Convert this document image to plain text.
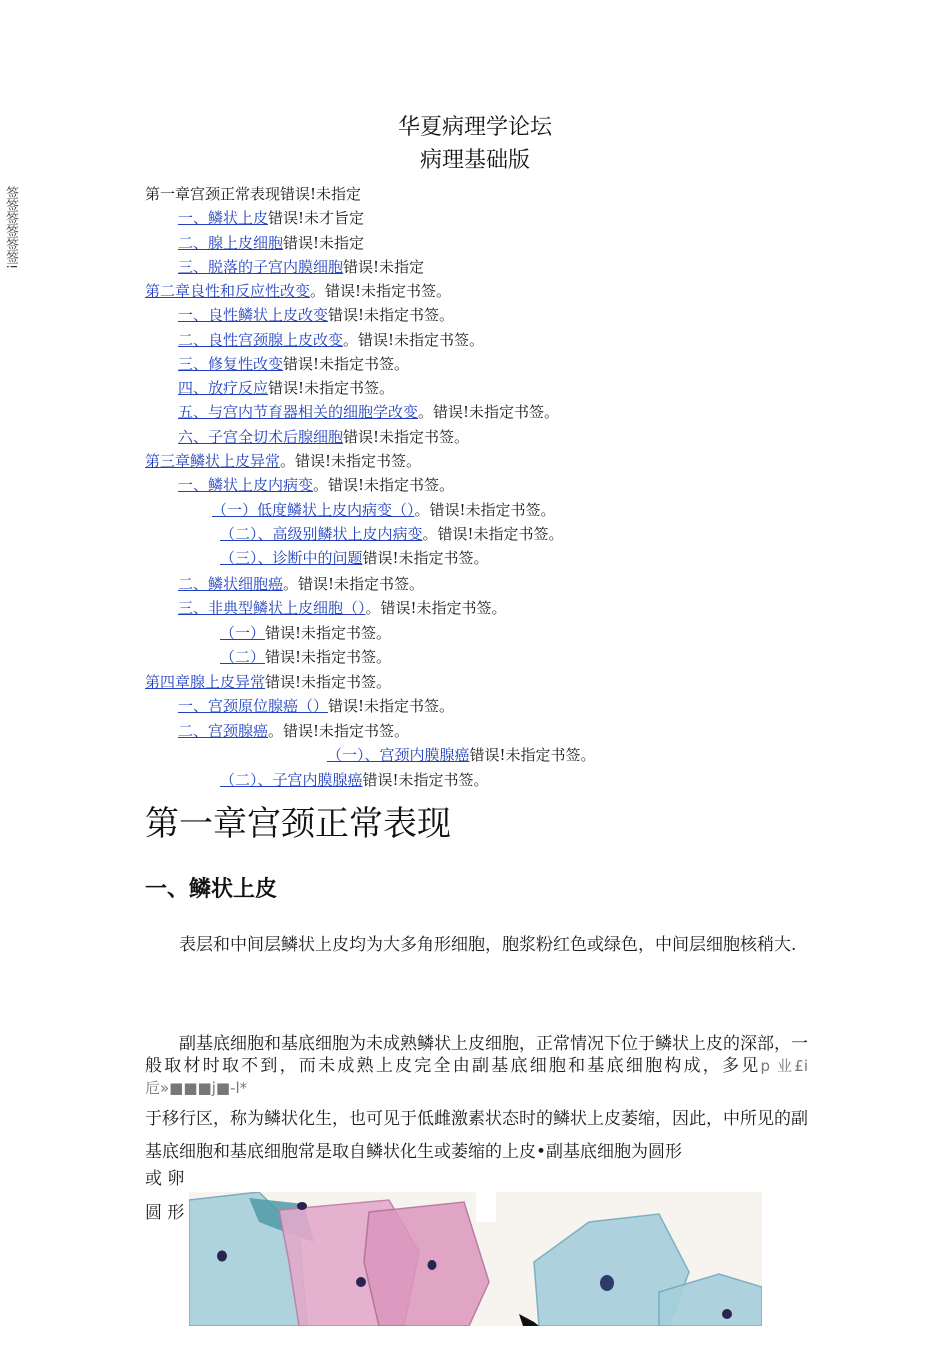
签签签签签签!
华夏病理学论坛
病理基础版
第一章宫颈正常表现错误!未指定
一、鳞状上皮错误!未才旨定
二、腺上皮细胞错误!未指定
三、脱落的子宫内膜细胞错误!未指定
第二章良性和反应性改变。错误!未指定书签。
一、良性鳞状上皮改变错误!未指定书签。
二、良性宫颈腺上皮改变。错误!未指定书签。
三、修复性改变错误!未指定书签。
四、放疗反应错误!未指定书签。
五、与宫内节育器相关的细胞学改变。错误!未指定书签。
六、子宫全切术后腺细胞错误!未指定书签。
第三章鳞状上皮异常。错误!未指定书签。
一、鳞状上皮内病变。错误!未指定书签。
（一）低度鳞状上皮内病变（）。错误!未指定书签。
（二）、高级别鳞状上皮内病变。错误!未指定书签。
（三）、诊断中的问题错误!未指定书签。
二、鳞状细胞癌。错误!未指定书签。
三、非典型鳞状上皮细胞（）。错误!未指定书签。
（一）错误!未指定书签。
（二）错误!未指定书签。
第四章腺上皮异常错误!未指定书签。
一、宫颈原位腺癌（）错误!未指定书签。
二、宫颈腺癌。错误!未指定书签。
（一）、宫颈内膜腺癌错误!未指定书签。
（二）、子宫内膜腺癌错误!未指定书签。
第一章宫颈正常表现
一、鳞状上皮
表层和中间层鳞状上皮均为大多角形细胞，胞浆粉红色或绿色，中间层细胞核稍大.
副基底细胞和基底细胞为未成熟鳞状上皮细胞，正常情况下位于鳞状上皮的深部，一般取材时取不到，而未成熟上皮完全由副基底细胞和基底细胞构成，多见p 业£i卮»■■■j■-l*
于移行区，称为鳞状化生，也可见于低雌激素状态时的鳞状上皮萎缩，因此，中所见的副基底细胞和基底细胞常是取自鳞状化生或萎缩的上皮•副基底细胞为圆形
或 卵
圆 形
